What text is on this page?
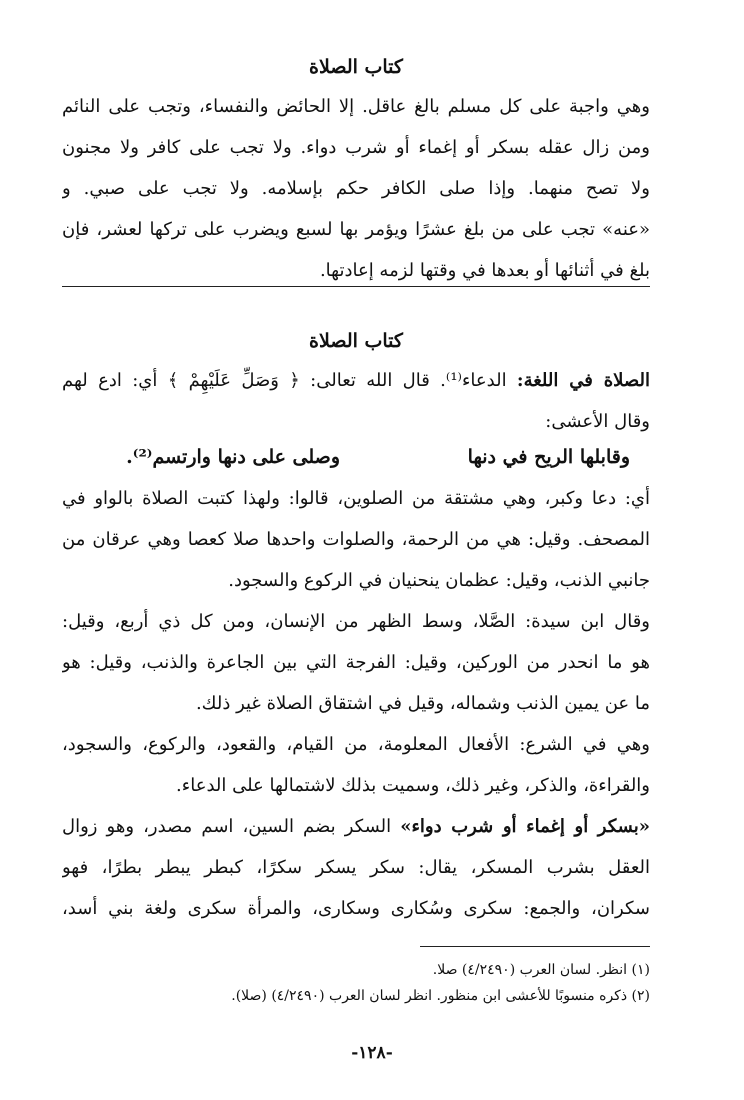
كتاب الصلاة
وهي واجبة على كل مسلم بالغ عاقل. إلا الحائض والنفساء، وتجب على النائم
ومن زال عقله بسكر أو إغماء أو شرب دواء. ولا تجب على كافر ولا مجنون
ولا تصح منهما. وإذا صلى الكافر حكم بإسلامه. ولا تجب على صبي. و
«عنه» تجب على من بلغ عشرًا ويؤمر بها لسبع ويضرب على تركها لعشر، فإن
بلغ في أثنائها أو بعدها في وقتها لزمه إعادتها.
كتاب الصلاة
الصلاة في اللغة: الدعاء⁽¹⁾. قال الله تعالى: ﴿ وَصَلِّ عَلَيْهِمْ ﴾ أي: ادع لهم
وقال الأعشى:
وقابلها الريح في دنها
وصلى على دنها وارتسم⁽²⁾.
أي: دعا وكبر، وهي مشتقة من الصلوين، قالوا: ولهذا كتبت الصلاة بالواو في
المصحف. وقيل: هي من الرحمة، والصلوات واحدها صلا كعصا وهي عرقان من
جانبي الذنب، وقيل: عظمان ينحنيان في الركوع والسجود.
وقال ابن سيدة: الصَّلا، وسط الظهر من الإنسان، ومن كل ذي أربع، وقيل:
هو ما انحدر من الوركين، وقيل: الفرجة التي بين الجاعرة والذنب، وقيل: هو
ما عن يمين الذنب وشماله، وقيل في اشتقاق الصلاة غير ذلك.
وهي في الشرع: الأفعال المعلومة، من القيام، والقعود، والركوع، والسجود،
والقراءة، والذكر، وغير ذلك، وسميت بذلك لاشتمالها على الدعاء.
«بسكر أو إغماء أو شرب دواء» السكر بضم السين، اسم مصدر، وهو زوال
العقل بشرب المسكر، يقال: سكر يسكر سكرًا، كبطر يبطر بطرًا، فهو
سكران، والجمع: سكرى وسُكارى وسكارى، والمرأة سكرى ولغة بني أسد،
(١) انظر. لسان العرب (٤/٢٤٩٠) صلا.
(٢) ذكره منسوبًا للأعشى ابن منظور. انظر لسان العرب (٤/٢٤٩٠) (صلا).
-١٢٨-
